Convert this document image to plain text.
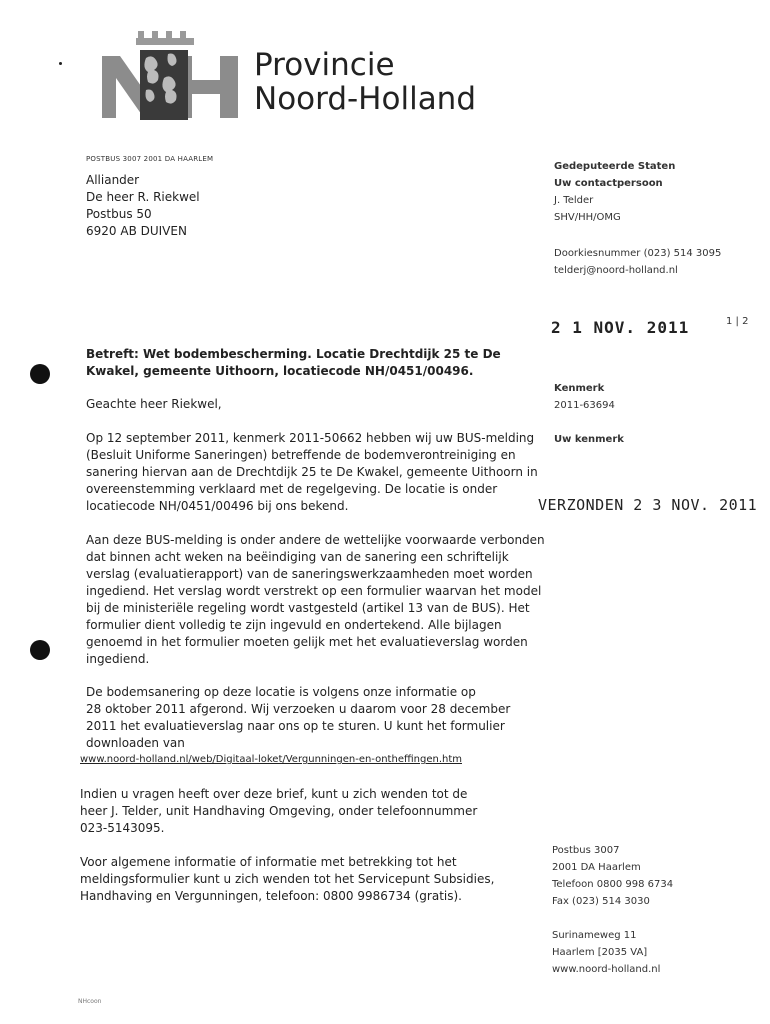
Provincie
Noord-Holland
POSTBUS 3007 2001 DA HAARLEM
Alliander
De heer R. Riekwel
Postbus 50
6920 AB DUIVEN
Gedeputeerde Staten
Uw contactpersoon
J. Telder
SHV/HH/OMG
Doorkiesnummer (023) 514 3095
telderj@noord-holland.nl
1 | 2
2 1 NOV. 2011
Betreft: Wet bodembescherming. Locatie Drechtdijk 25 te De
Kwakel, gemeente Uithoorn, locatiecode NH/0451/00496.
Kenmerk
2011-63694
Uw kenmerk
Geachte heer Riekwel,
Op 12 september 2011, kenmerk 2011-50662 hebben wij uw BUS-melding
(Besluit Uniforme Saneringen) betreffende de bodemverontreiniging en
sanering hiervan aan de Drechtdijk 25 te De Kwakel, gemeente Uithoorn in
overeenstemming verklaard met de regelgeving. De locatie is onder
locatiecode NH/0451/00496 bij ons bekend.	VERZONDEN 2 3 NOV. 2011
Aan deze BUS-melding is onder andere de wettelijke voorwaarde verbonden
dat binnen acht weken na beëindiging van de sanering een schriftelijk
verslag (evaluatierapport) van de saneringswerkzaamheden moet worden
ingediend. Het verslag wordt verstrekt op een formulier waarvan het model
bij de ministeriële regeling wordt vastgesteld (artikel 13 van de BUS). Het
formulier dient volledig te zijn ingevuld en ondertekend. Alle bijlagen
genoemd in het formulier moeten gelijk met het evaluatieverslag worden
ingediend.
De bodemsanering op deze locatie is volgens onze informatie op
28 oktober 2011 afgerond. Wij verzoeken u daarom voor 28 december
2011 het evaluatieverslag naar ons op te sturen. U kunt het formulier
downloaden van
www.noord-holland.nl/web/Digitaal-loket/Vergunningen-en-ontheffingen.htm
Indien u vragen heeft over deze brief, kunt u zich wenden tot de
heer J. Telder, unit Handhaving Omgeving, onder telefoonnummer
023-5143095.
Voor algemene informatie of informatie met betrekking tot het
meldingsformulier kunt u zich wenden tot het Servicepunt Subsidies,
Handhaving en Vergunningen, telefoon: 0800 9986734 (gratis).
Postbus 3007
2001 DA Haarlem
Telefoon 0800 998 6734
Fax (023) 514 3030
Surinameweg 11
Haarlem [2035 VA]
www.noord-holland.nl
NHcoon
